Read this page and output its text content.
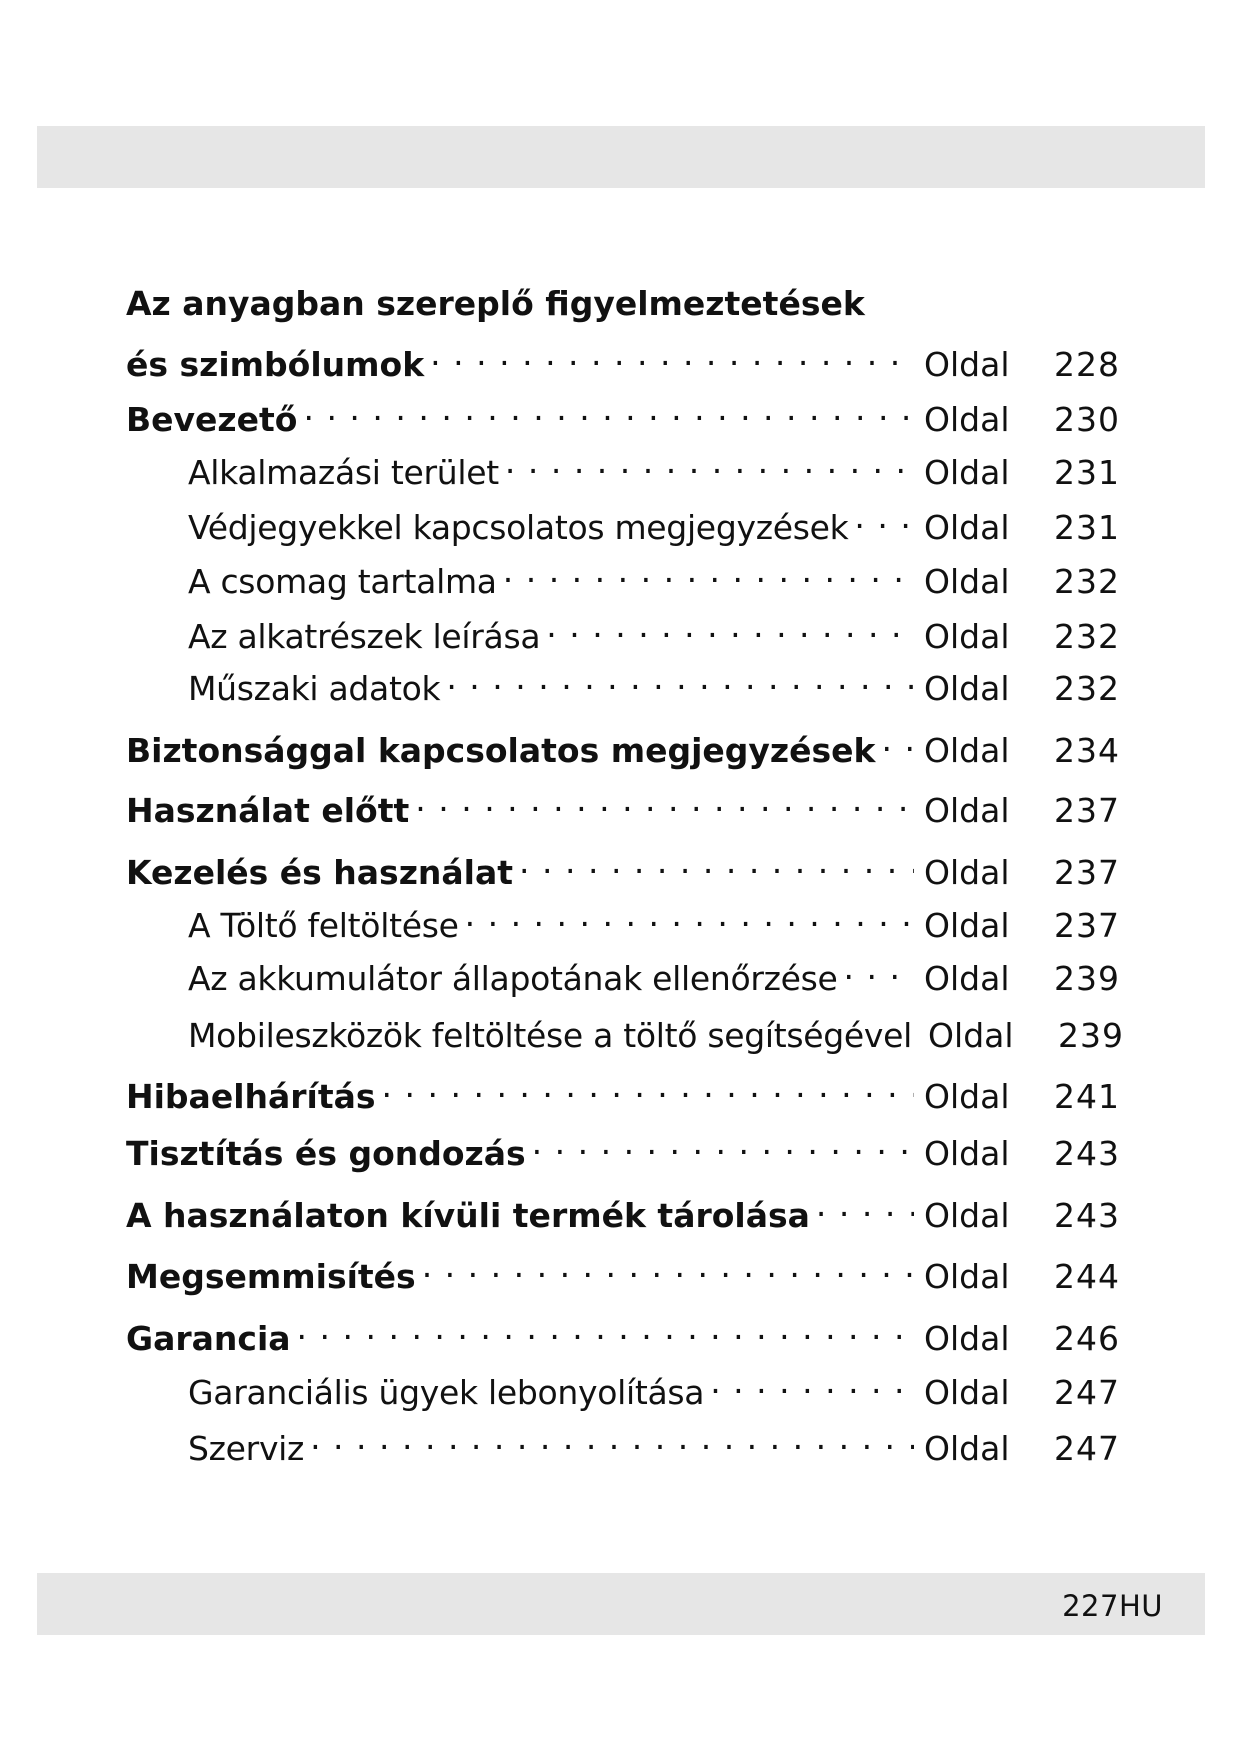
Az anyagban szereplő figyelmeztetések
és szimbólumok . . .	Oldal 228
Bevezető . . .	Oldal 230
Alkalmazási terület . . .	Oldal 231
Védjegyekkel kapcsolatos megjegyzések . . . Oldal 231
A csomag tartalma . . .	Oldal 232
Az alkatrészek leírása . . .	Oldal 232
Műszaki adatok . . .	Oldal 232
Biztonsággal kapcsolatos megjegyzések . . . Oldal 234
Használat előtt . . .	Oldal 237
Kezelés és használat . . .	Oldal 237
A Töltő feltöltése . . .	Oldal 237
Az akkumulátor állapotának ellenőrzése . . .	Oldal 239
Mobileszközök feltöltése a töltő segítségével Oldal 239
Hibaelhárítás . . .	Oldal 241
Tisztítás és gondozás . . .	Oldal 243
A használaton kívüli termék tárolása . . .	Oldal 243
Megsemmisítés . . .	Oldal 244
Garancia . . .	Oldal 246
Garanciális ügyek lebonyolítása . . .	Oldal 247
Szerviz . . .	Oldal 247
227HU
